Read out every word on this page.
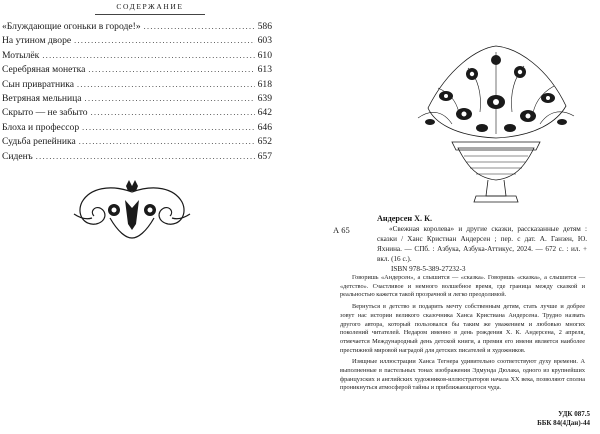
СОДЕРЖАНИЕ
«Блуждающие огоньки в городе!» .....	586
На утином дворе .....	603
Мотылёк .....	610
Серебряная монетка .....	613
Сын привратника .....	618
Ветряная мельница .....	639
Скрыто — не забыто .....	642
Блоха и профессор .....	646
Судьба репейника .....	652
Сиденъ .....	657
А 65
Андерсен Х. К.
«Свежная королева» и другие сказки, рассказанные детям : сказки / Ханс Кристиан Андерсен ; пер. с дат. А. Ганзен, Ю. Яхнина. — СПб. : Азбука, Азбука-Аттикус, 2024. — 672 с. : ил. + вкл. (16 с.).
ISBN 978-5-389-27232-3

Говоришь «Андерсен», а слышится — «сказка». Говоришь «сказка», а слышится — «детство». Счастливое и немного волшебное время, где граница между сказкой и реальностью кажется такой прозрачной и легко преодолимой.

Вернуться в детство и подарить мечту собственным детям, стать лучше и добрее зовут нас истории великого сказочника Ханса Кристиана Андерсена. Трудно назвать другого автора, который пользовался бы таким же уважением и любовью многих поколений читателей. Недаром именно в день рождения Х. К. Андерсена, 2 апреля, отмечается Международный день детской книги, а премия его имени является наиболее престижной мировой наградой для детских писателей и художников.

Изящные иллюстрации Ханса Тегнера удивительно соответствуют духу времени. А выполненные в пастельных тонах изображения Эдмунда Дюлака, одного из крупнейших французских и английских художников-иллюстраторов начала XX века, позволяют сполна проникнуться атмосферой тайны и приближающегося чуда.

УДК 087.5
ББК 84(4Дан)-44
